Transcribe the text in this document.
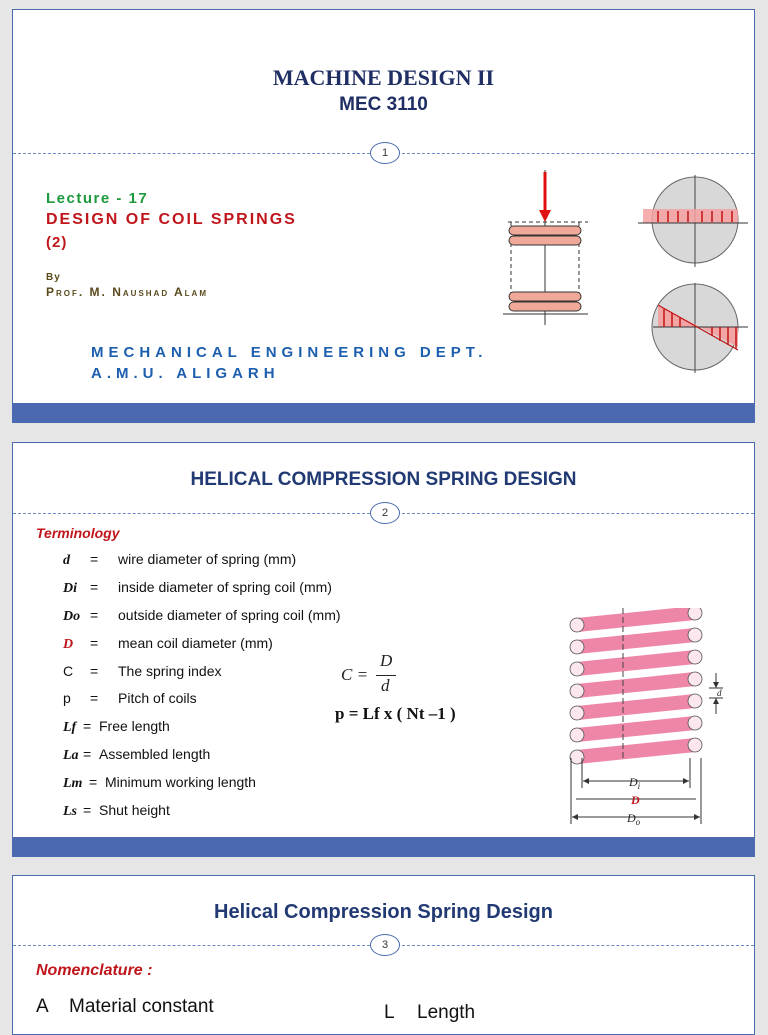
MACHINE DESIGN II
MEC 3110
1
Lecture - 17
DESIGN OF COIL SPRINGS
(2)
By
Prof. M. Naushad Alam
MECHANICAL ENGINEERING DEPT.
A.M.U. ALIGARH
HELICAL COMPRESSION SPRING DESIGN
2
Terminology
d = wire diameter of spring (mm)
Di = inside diameter of spring coil (mm)
Do = outside diameter of spring coil (mm)
D = mean coil diameter (mm)
C = The spring index
p = Pitch of coils
Lf = Free length
La = Assembled length
Lm = Minimum working length
Ls = Shut height
C =
D
d
p = Lf x ( Nt –1 )
d
$D_i$
D
$D_o$
Helical Compression Spring Design
3
Nomenclature :
A Material constant	L Length
